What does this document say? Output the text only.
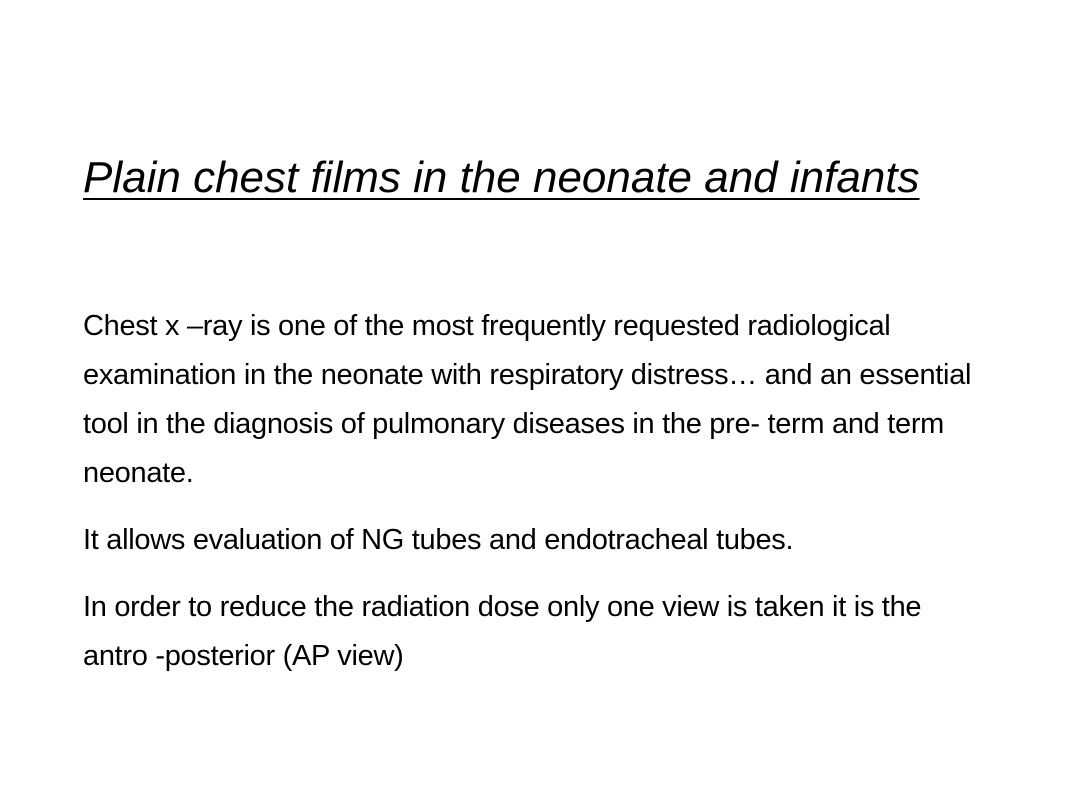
Plain chest films in the neonate and infants

Chest x –ray is one of the most frequently requested radiological examination in the neonate with respiratory distress… and an essential tool in the diagnosis of pulmonary diseases in the pre- term and term neonate.

It allows evaluation of NG tubes and endotracheal tubes.

In order to reduce the radiation dose only one view is taken it is the antro -posterior (AP view)
